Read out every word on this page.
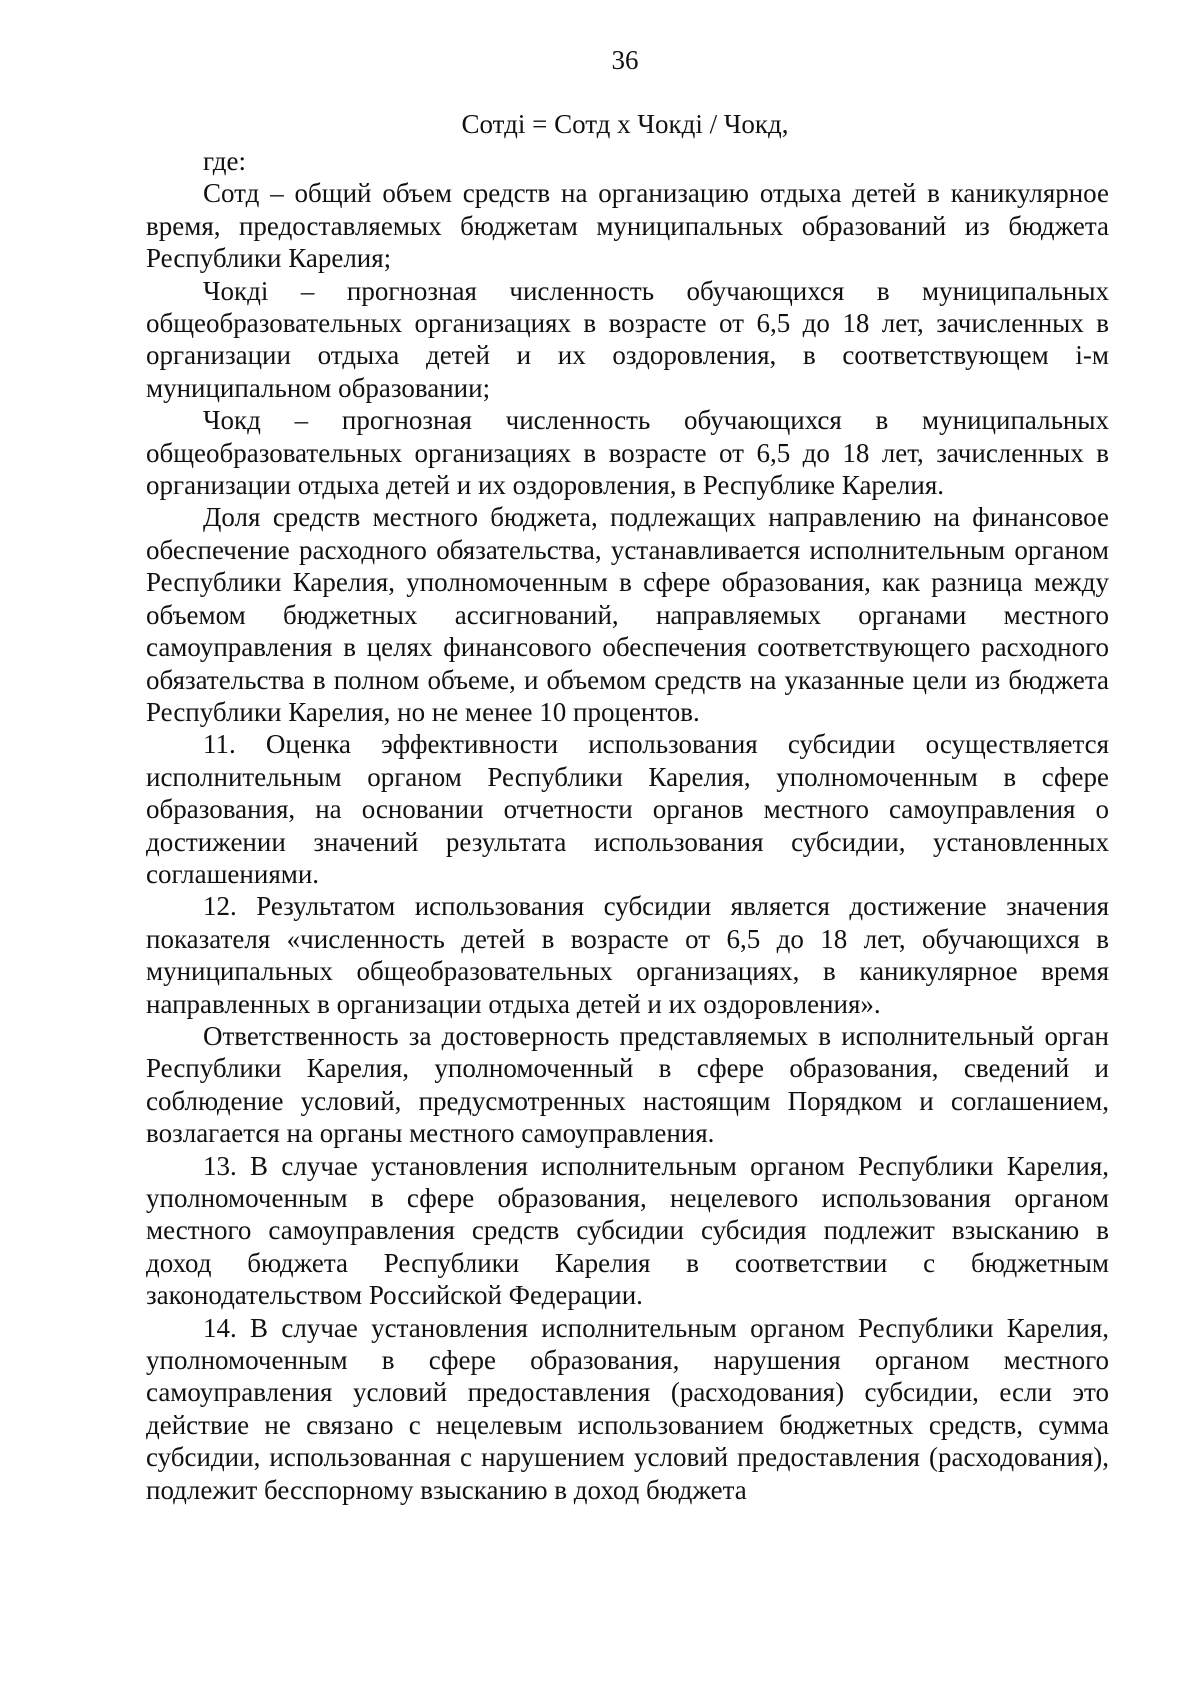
36
Сотдi = Сотд х Чокдi / Чокд,

где:

Сотд – общий объем средств на организацию отдыха детей в каникулярное время, предоставляемых бюджетам муниципальных образований из бюджета Республики Карелия;

Чокдi – прогнозная численность обучающихся в муниципальных общеобразовательных организациях в возрасте от 6,5 до 18 лет, зачисленных в организации отдыха детей и их оздоровления, в соответствующем i-м муниципальном образовании;

Чокд – прогнозная численность обучающихся в муниципальных общеобразовательных организациях в возрасте от 6,5 до 18 лет, зачисленных в организации отдыха детей и их оздоровления, в Республике Карелия.

Доля средств местного бюджета, подлежащих направлению на финансовое обеспечение расходного обязательства, устанавливается исполнительным органом Республики Карелия, уполномоченным в сфере образования, как разница между объемом бюджетных ассигнований, направляемых органами местного самоуправления в целях финансового обеспечения соответствующего расходного обязательства в полном объеме, и объемом средств на указанные цели из бюджета Республики Карелия, но не менее 10 процентов.

11. Оценка эффективности использования субсидии осуществляется исполнительным органом Республики Карелия, уполномоченным в сфере образования, на основании отчетности органов местного самоуправления о достижении значений результата использования субсидии, установленных соглашениями.

12. Результатом использования субсидии является достижение значения показателя «численность детей в возрасте от 6,5 до 18 лет, обучающихся в муниципальных общеобразовательных организациях, в каникулярное время направленных в организации отдыха детей и их оздоровления».

Ответственность за достоверность представляемых в исполнительный орган Республики Карелия, уполномоченный в сфере образования, сведений и соблюдение условий, предусмотренных настоящим Порядком и соглашением, возлагается на органы местного самоуправления.

13. В случае установления исполнительным органом Республики Карелия, уполномоченным в сфере образования, нецелевого использования органом местного самоуправления средств субсидии субсидия подлежит взысканию в доход бюджета Республики Карелия в соответствии с бюджетным законодательством Российской Федерации.

14. В случае установления исполнительным органом Республики Карелия, уполномоченным в сфере образования, нарушения органом местного самоуправления условий предоставления (расходования) субсидии, если это действие не связано с нецелевым использованием бюджетных средств, сумма субсидии, использованная с нарушением условий предоставления (расходования), подлежит бесспорному взысканию в доход бюджета
